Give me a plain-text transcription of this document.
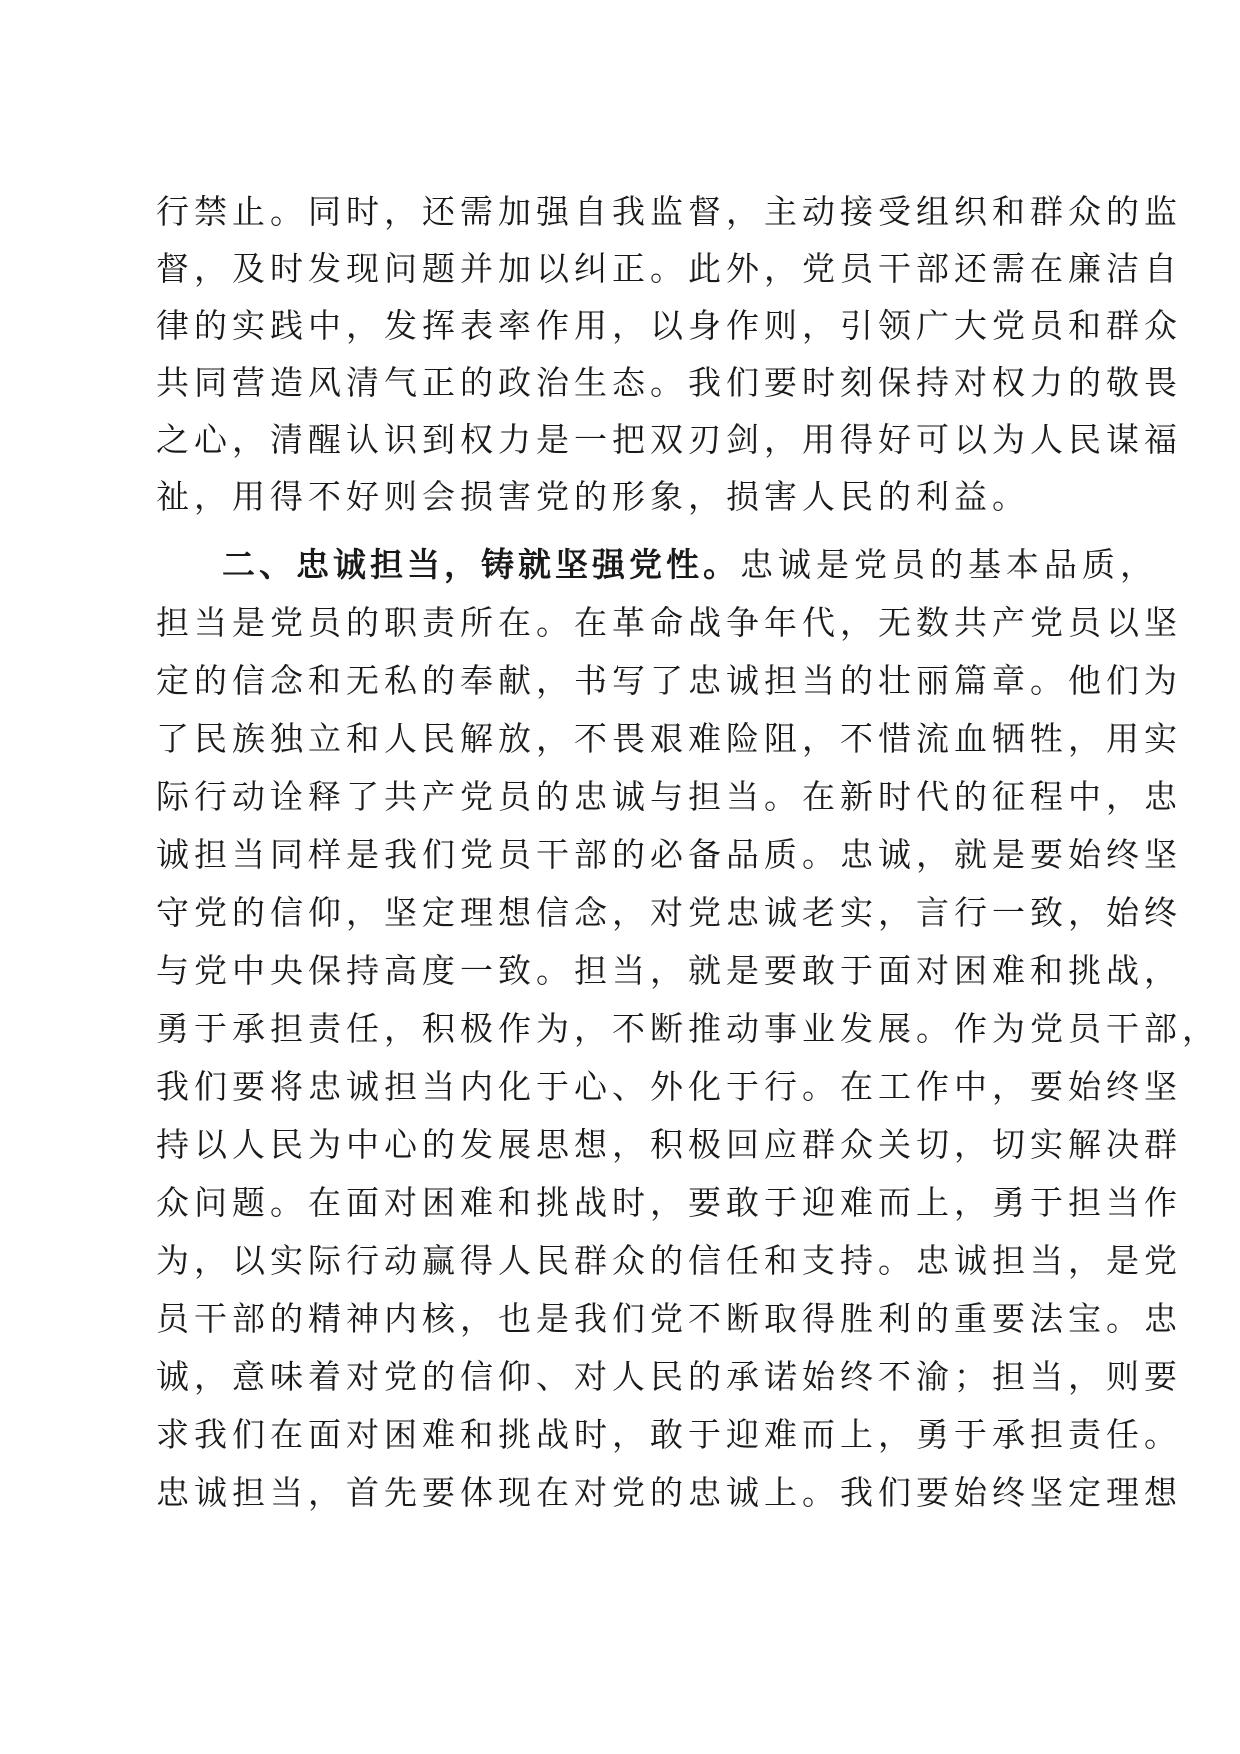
行禁止。同时，还需加强自我监督，主动接受组织和群众的监
督，及时发现问题并加以纠正。此外，党员干部还需在廉洁自
律的实践中，发挥表率作用，以身作则，引领广大党员和群众
共同营造风清气正的政治生态。我们要时刻保持对权力的敬畏
之心，清醒认识到权力是一把双刃剑，用得好可以为人民谋福
祉，用得不好则会损害党的形象，损害人民的利益。
二、忠诚担当，铸就坚强党性。忠诚是党员的基本品质，
担当是党员的职责所在。在革命战争年代，无数共产党员以坚
定的信念和无私的奉献，书写了忠诚担当的壮丽篇章。他们为
了民族独立和人民解放，不畏艰难险阻，不惜流血牺牲，用实
际行动诠释了共产党员的忠诚与担当。在新时代的征程中，忠
诚担当同样是我们党员干部的必备品质。忠诚，就是要始终坚
守党的信仰，坚定理想信念，对党忠诚老实，言行一致，始终
与党中央保持高度一致。担当，就是要敢于面对困难和挑战，
勇于承担责任，积极作为，不断推动事业发展。作为党员干部，
我们要将忠诚担当内化于心、外化于行。在工作中，要始终坚
持以人民为中心的发展思想，积极回应群众关切，切实解决群
众问题。在面对困难和挑战时，要敢于迎难而上，勇于担当作
为，以实际行动赢得人民群众的信任和支持。忠诚担当，是党
员干部的精神内核，也是我们党不断取得胜利的重要法宝。忠
诚，意味着对党的信仰、对人民的承诺始终不渝；担当，则要
求我们在面对困难和挑战时，敢于迎难而上，勇于承担责任。
忠诚担当，首先要体现在对党的忠诚上。我们要始终坚定理想
